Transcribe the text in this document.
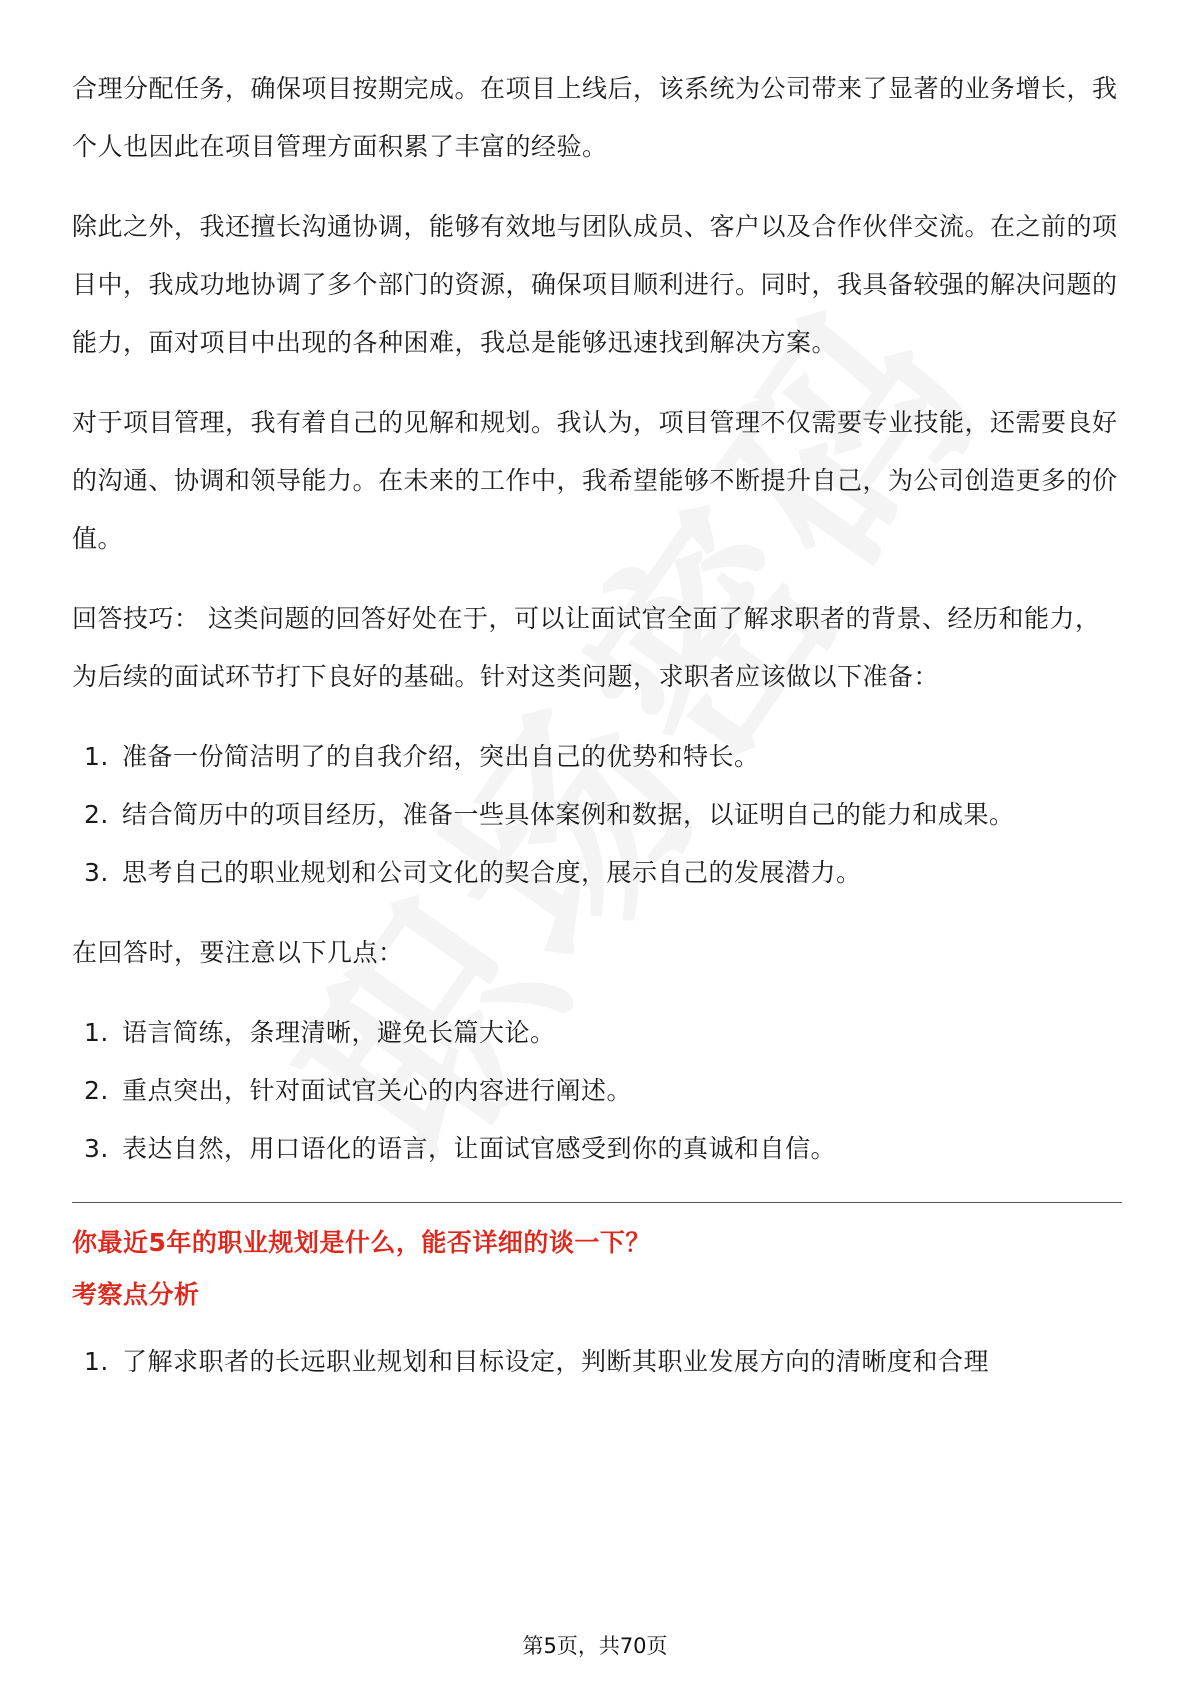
合理分配任务，确保项目按期完成。在项目上线后，该系统为公司带来了显著的业务增长，我个人也因此在项目管理方面积累了丰富的经验。

除此之外，我还擅长沟通协调，能够有效地与团队成员、客户以及合作伙伴交流。在之前的项目中，我成功地协调了多个部门的资源，确保项目顺利进行。同时，我具备较强的解决问题的能力，面对项目中出现的各种困难，我总是能够迅速找到解决方案。

对于项目管理，我有着自己的见解和规划。我认为，项目管理不仅需要专业技能，还需要良好的沟通、协调和领导能力。在未来的工作中，我希望能够不断提升自己，为公司创造更多的价值。

回答技巧： 这类问题的回答好处在于，可以让面试官全面了解求职者的背景、经历和能力，为后续的面试环节打下良好的基础。针对这类问题，求职者应该做以下准备：

1. 准备一份简洁明了的自我介绍，突出自己的优势和特长。
2. 结合简历中的项目经历，准备一些具体案例和数据，以证明自己的能力和成果。
3. 思考自己的职业规划和公司文化的契合度，展示自己的发展潜力。

在回答时，要注意以下几点：

1. 语言简练，条理清晰，避免长篇大论。
2. 重点突出，针对面试官关心的内容进行阐述。
3. 表达自然，用口语化的语言，让面试官感受到你的真诚和自信。

你最近5年的职业规划是什么，能否详细的谈一下？

考察点分析

1. 了解求职者的长远职业规划和目标设定，判断其职业发展方向的清晰度和合理
第5页，共70页
